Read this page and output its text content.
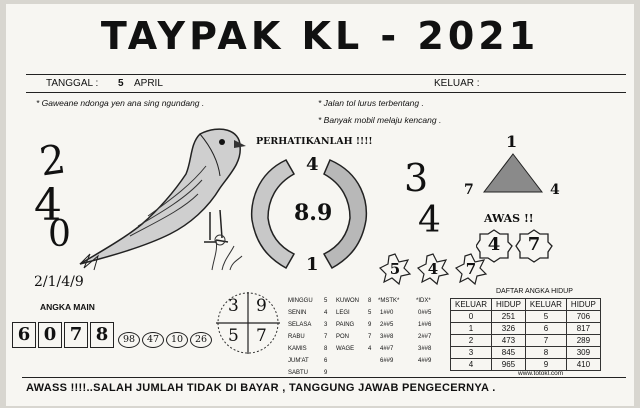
TAYPAK KL - 2021
TANGGAL : 5 APRIL	KELUAR :
* Gaweane ndonga yen ana sing ngundang .	* Jalan tol lurus terbentang .
* Banyak mobil melaju kencang .
2
4
0
PERHATIKANLAH !!!!
4
8.9
1
3
4
5 4 7
1
7	4
AWAS !!
4 7
2/1/4/9
ANGKA MAIN
6 0 7 8	98	47	10	26
3 9
5 7
MINGGU 5
SENIN	4
SELASA 3
RABU	7
KAMIS	8
JUM'AT	6
SABTU	9
KUWON 8
LEGI	5
PAING 9
PON	7
WAGE 4
*MSTK*
1##0
2##5
3##8
4##7
6##9
*IDX*
0##5
1##6
2##7
3##8
4##9
DAFTAR ANGKA HIDUP
KELUAR	HIDUP	KELUAR	HIDUP
0	251	5	706
1	326	6	817
2	473	7	289
3	845	8	309
4	965	9	410
www.totokl.com
AWASS !!!!..SALAH JUMLAH TIDAK DI BAYAR , TANGGUNG JAWAB PENGECERNYA .
